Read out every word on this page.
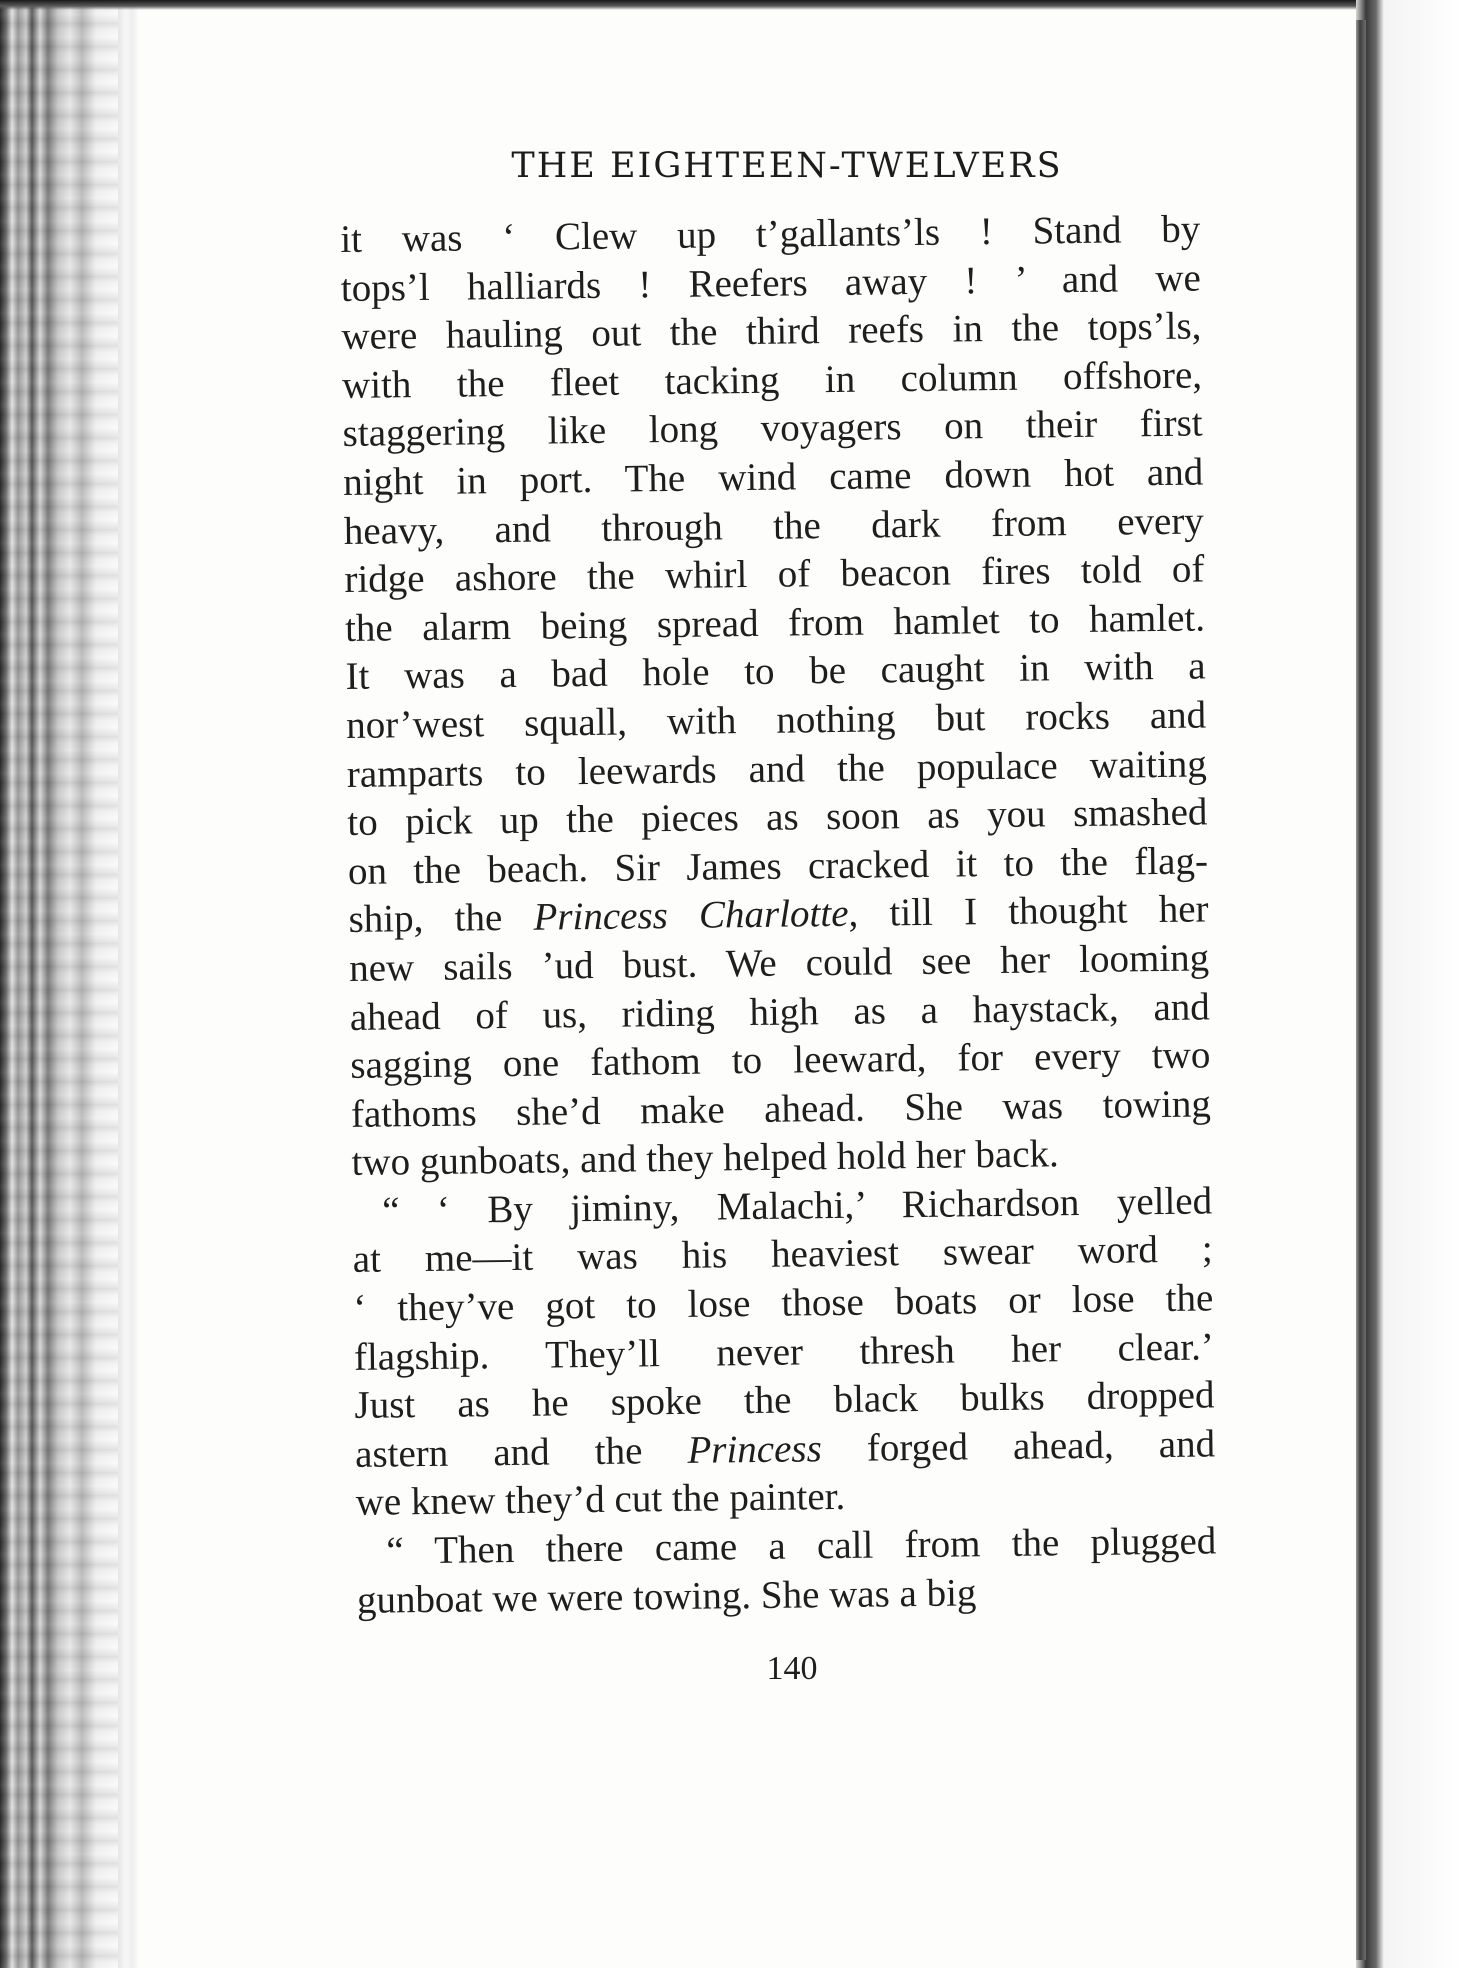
THE EIGHTEEN-TWELVERS
it was ‘ Clew up t’gallants’ls ! Stand by
tops’l halliards ! Reefers away ! ’ and we
were hauling out the third reefs in the tops’ls,
with the fleet tacking in column offshore,
staggering like long voyagers on their first
night in port. The wind came down hot and
heavy, and through the dark from every
ridge ashore the whirl of beacon fires told of
the alarm being spread from hamlet to hamlet.
It was a bad hole to be caught in with a
nor’west squall, with nothing but rocks and
ramparts to leewards and the populace waiting
to pick up the pieces as soon as you smashed
on the beach. Sir James cracked it to the flag-
ship, the Princess Charlotte, till I thought her
new sails ’ud bust. We could see her looming
ahead of us, riding high as a haystack, and
sagging one fathom to leeward, for every two
fathoms she’d make ahead. She was towing
two gunboats, and they helped hold her back.
“ ‘ By jiminy, Malachi,’ Richardson yelled
at me—it was his heaviest swear word ;
‘ they’ve got to lose those boats or lose the
flagship. They’ll never thresh her clear.’
Just as he spoke the black bulks dropped
astern and the Princess forged ahead, and
we knew they’d cut the painter.
“ Then there came a call from the plugged
gunboat we were towing. She was a big
140
